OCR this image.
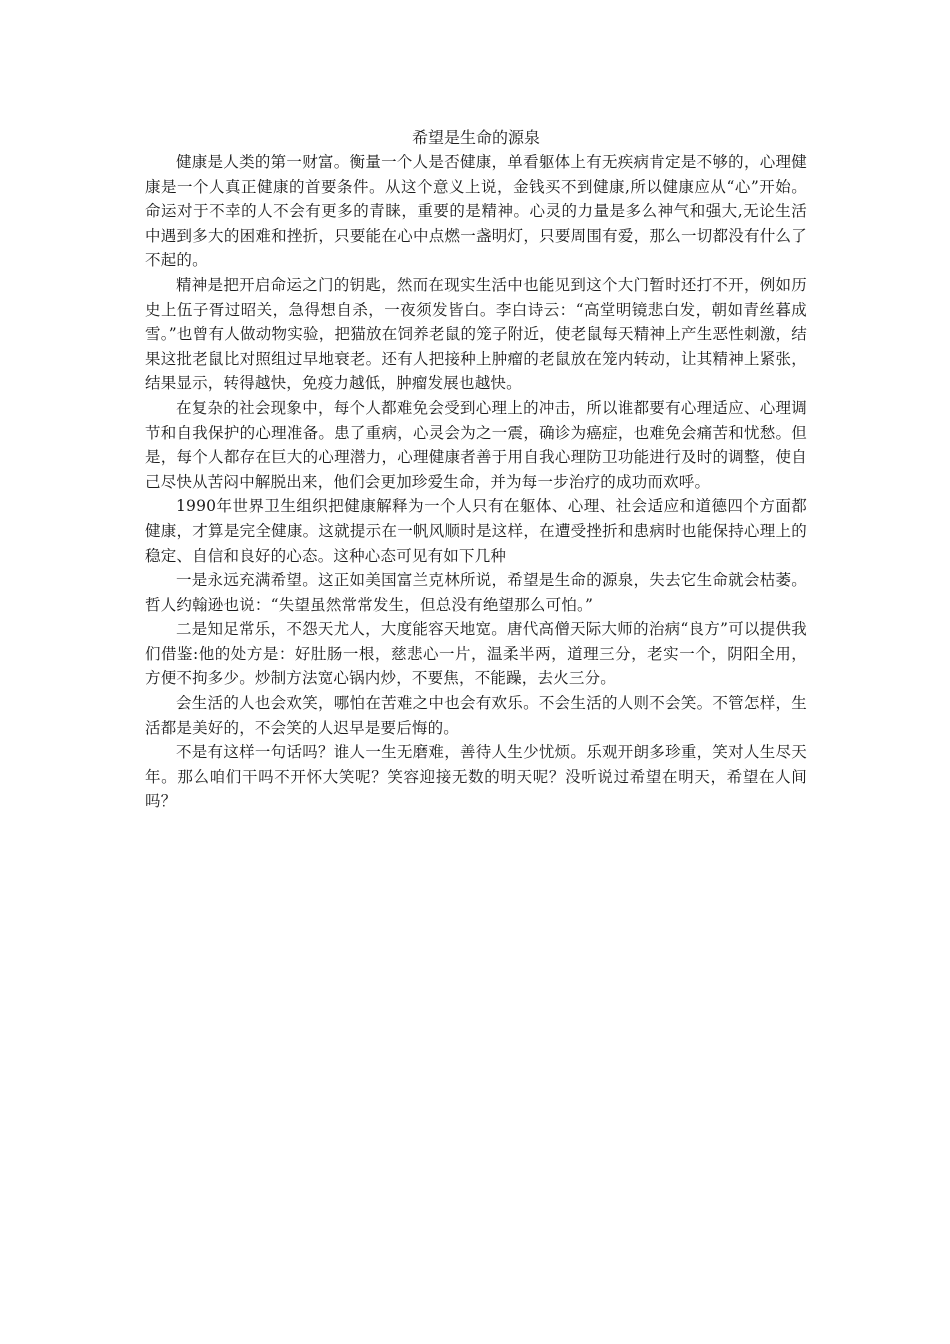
希望是生命的源泉

健康是人类的第一财富。衡量一个人是否健康，单看躯体上有无疾病肯定是不够的，心理健康是一个人真正健康的首要条件。从这个意义上说，金钱买不到健康,所以健康应从“心”开始。命运对于不幸的人不会有更多的青睐，重要的是精神。心灵的力量是多么神气和强大,无论生活中遇到多大的困难和挫折，只要能在心中点燃一盏明灯，只要周围有爱，那么一切都没有什么了不起的。

精神是把开启命运之门的钥匙，然而在现实生活中也能见到这个大门暂时还打不开，例如历史上伍子胥过昭关，急得想自杀，一夜须发皆白。李白诗云：“高堂明镜悲白发，朝如青丝暮成雪。”也曾有人做动物实验，把猫放在饲养老鼠的笼子附近，使老鼠每天精神上产生恶性刺激，结果这批老鼠比对照组过早地衰老。还有人把接种上肿瘤的老鼠放在笼内转动，让其精神上紧张，结果显示，转得越快，免疫力越低，肿瘤发展也越快。

在复杂的社会现象中，每个人都难免会受到心理上的冲击，所以谁都要有心理适应、心理调节和自我保护的心理准备。患了重病，心灵会为之一震，确诊为癌症，也难免会痛苦和忧愁。但是，每个人都存在巨大的心理潜力，心理健康者善于用自我心理防卫功能进行及时的调整，使自己尽快从苦闷中解脱出来，他们会更加珍爱生命，并为每一步治疗的成功而欢呼。

1990年世界卫生组织把健康解释为一个人只有在躯体、心理、社会适应和道德四个方面都健康，才算是完全健康。这就提示在一帆风顺时是这样，在遭受挫折和患病时也能保持心理上的稳定、自信和良好的心态。这种心态可见有如下几种

一是永远充满希望。这正如美国富兰克林所说，希望是生命的源泉，失去它生命就会枯萎。哲人约翰逊也说：“失望虽然常常发生，但总没有绝望那么可怕。”

二是知足常乐，不怨天尤人，大度能容天地宽。唐代高僧天际大师的治病“良方”可以提供我们借鉴:他的处方是：好肚肠一根，慈悲心一片，温柔半两，道理三分，老实一个，阴阳全用，方便不拘多少。炒制方法宽心锅内炒，不要焦，不能躁，去火三分。

会生活的人也会欢笑，哪怕在苦难之中也会有欢乐。不会生活的人则不会笑。不管怎样，生活都是美好的，不会笑的人迟早是要后悔的。

不是有这样一句话吗？谁人一生无磨难，善待人生少忧烦。乐观开朗多珍重，笑对人生尽天年。那么咱们干吗不开怀大笑呢？笑容迎接无数的明天呢？没听说过希望在明天，希望在人间吗？
